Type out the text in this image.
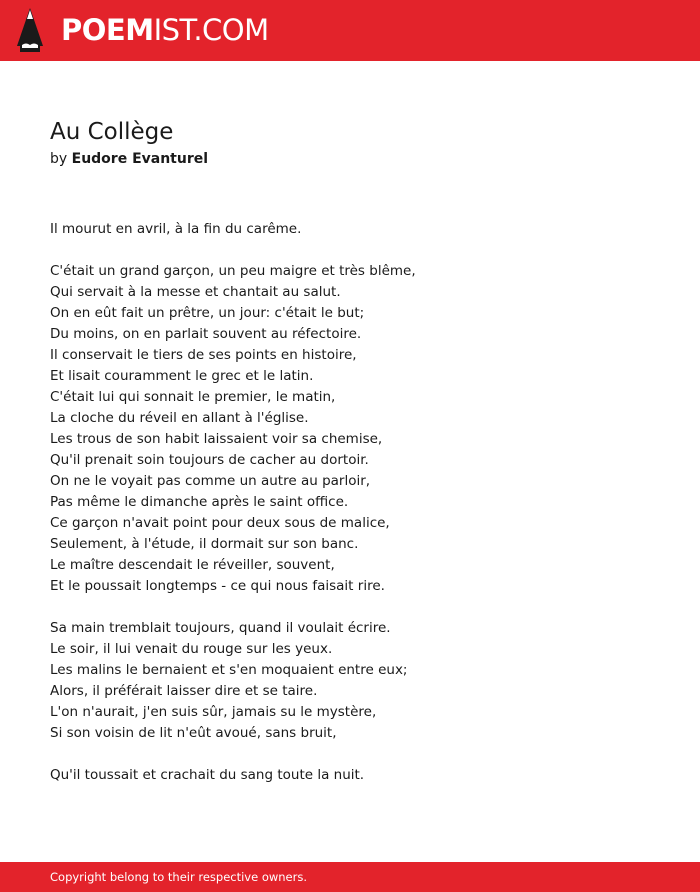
POEMIST.COM
Au Collège
by Eudore Evanturel
Il mourut en avril, à la fin du carême.
C'était un grand garçon, un peu maigre et très blême,
Qui servait à la messe et chantait au salut.
On en eût fait un prêtre, un jour: c'était le but;
Du moins, on en parlait souvent au réfectoire.
Il conservait le tiers de ses points en histoire,
Et lisait couramment le grec et le latin.
C'était lui qui sonnait le premier, le matin,
La cloche du réveil en allant à l'église.
Les trous de son habit laissaient voir sa chemise,
Qu'il prenait soin toujours de cacher au dortoir.
On ne le voyait pas comme un autre au parloir,
Pas même le dimanche après le saint office.
Ce garçon n'avait point pour deux sous de malice,
Seulement, à l'étude, il dormait sur son banc.
Le maître descendait le réveiller, souvent,
Et le poussait longtemps - ce qui nous faisait rire.
Sa main tremblait toujours, quand il voulait écrire.
Le soir, il lui venait du rouge sur les yeux.
Les malins le bernaient et s'en moquaient entre eux;
Alors, il préférait laisser dire et se taire.
L'on n'aurait, j'en suis sûr, jamais su le mystère,
Si son voisin de lit n'eût avoué, sans bruit,
Qu'il toussait et crachait du sang toute la nuit.
Copyright belong to their respective owners.
